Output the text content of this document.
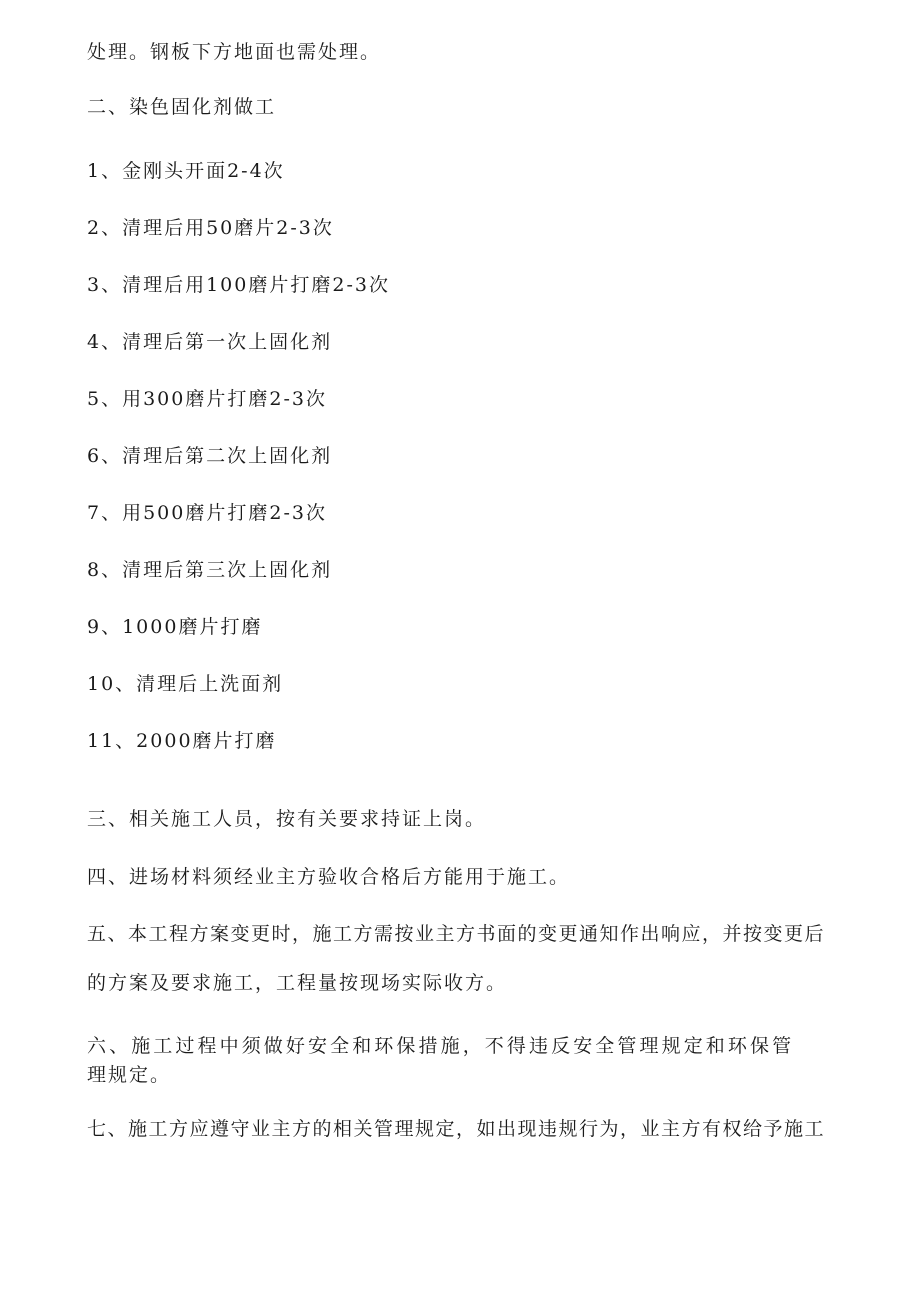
处理。钢板下方地面也需处理。
二、染色固化剂做工
1、金刚头开面2-4次
2、清理后用50磨片2-3次
3、清理后用100磨片打磨2-3次
4、清理后第一次上固化剂
5、用300磨片打磨2-3次
6、清理后第二次上固化剂
7、用500磨片打磨2-3次
8、清理后第三次上固化剂
9、1000磨片打磨
10、清理后上洗面剂
11、2000磨片打磨
三、相关施工人员，按有关要求持证上岗。
四、进场材料须经业主方验收合格后方能用于施工。
五、本工程方案变更时，施工方需按业主方书面的变更通知作出响应，并按变更后
的方案及要求施工，工程量按现场实际收方。
六、施工过程中须做好安全和环保措施，不得违反安全管理规定和环保管
理规定。
七、施工方应遵守业主方的相关管理规定，如出现违规行为，业主方有权给予施工
